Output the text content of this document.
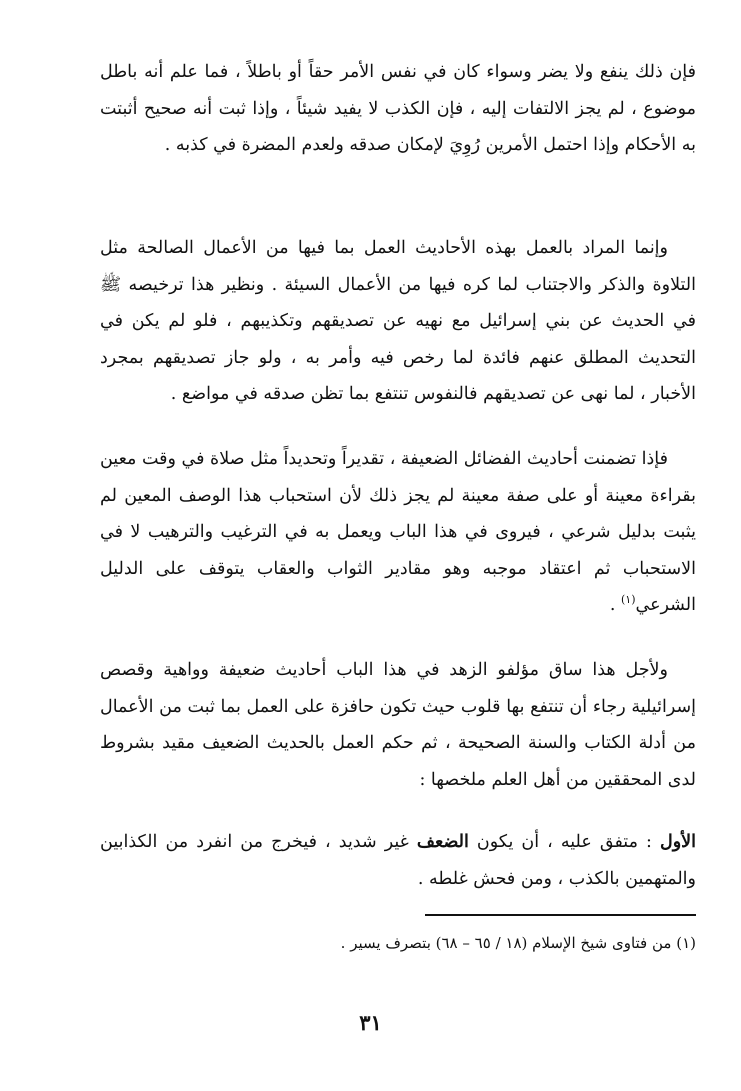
فإن ذلك ينفع ولا يضر وسواء كان في نفس الأمر حقاً أو باطلاً ، فما علم أنه باطل موضوع ، لم يجز الالتفات إليه ، فإن الكذب لا يفيد شيئاً ، وإذا ثبت أنه صحيح أثبتت به الأحكام وإذا احتمل الأمرين رُوِيَ لإمكان صدقه ولعدم المضرة في كذبه .

وإنما المراد بالعمل بهذه الأحاديث العمل بما فيها من الأعمال الصالحة مثل التلاوة والذكر والاجتناب لما كره فيها من الأعمال السيئة . ونظير هذا ترخيصه ﷺ في الحديث عن بني إسرائيل مع نهيه عن تصديقهم وتكذيبهم ، فلو لم يكن في التحديث المطلق عنهم فائدة لما رخص فيه وأمر به ، ولو جاز تصديقهم بمجرد الأخبار ، لما نهى عن تصديقهم فالنفوس تنتفع بما تظن صدقه في مواضع .

فإذا تضمنت أحاديث الفضائل الضعيفة ، تقديراً وتحديداً مثل صلاة في وقت معين بقراءة معينة أو على صفة معينة لم يجز ذلك لأن استحباب هذا الوصف المعين لم يثبت بدليل شرعي ، فيروى في هذا الباب ويعمل به في الترغيب والترهيب لا في الاستحباب ثم اعتقاد موجبه وهو مقادير الثواب والعقاب يتوقف على الدليل الشرعي$^{(١)}$ .

ولأجل هذا ساق مؤلفو الزهد في هذا الباب أحاديث ضعيفة وواهية وقصص إسرائيلية رجاء أن تنتفع بها قلوب حيث تكون حافزة على العمل بما ثبت من الأعمال من أدلة الكتاب والسنة الصحيحة ، ثم حكم العمل بالحديث الضعيف مقيد بشروط لدى المحققين من أهل العلم ملخصها :

الأول : متفق عليه ، أن يكون الضعف غير شديد ، فيخرج من انفرد من الكذابين والمتهمين بالكذب ، ومن فحش غلطه .

(١) من فتاوى شيخ الإسلام (١٨ / ٦٥ – ٦٨) بتصرف يسير .
٣١
